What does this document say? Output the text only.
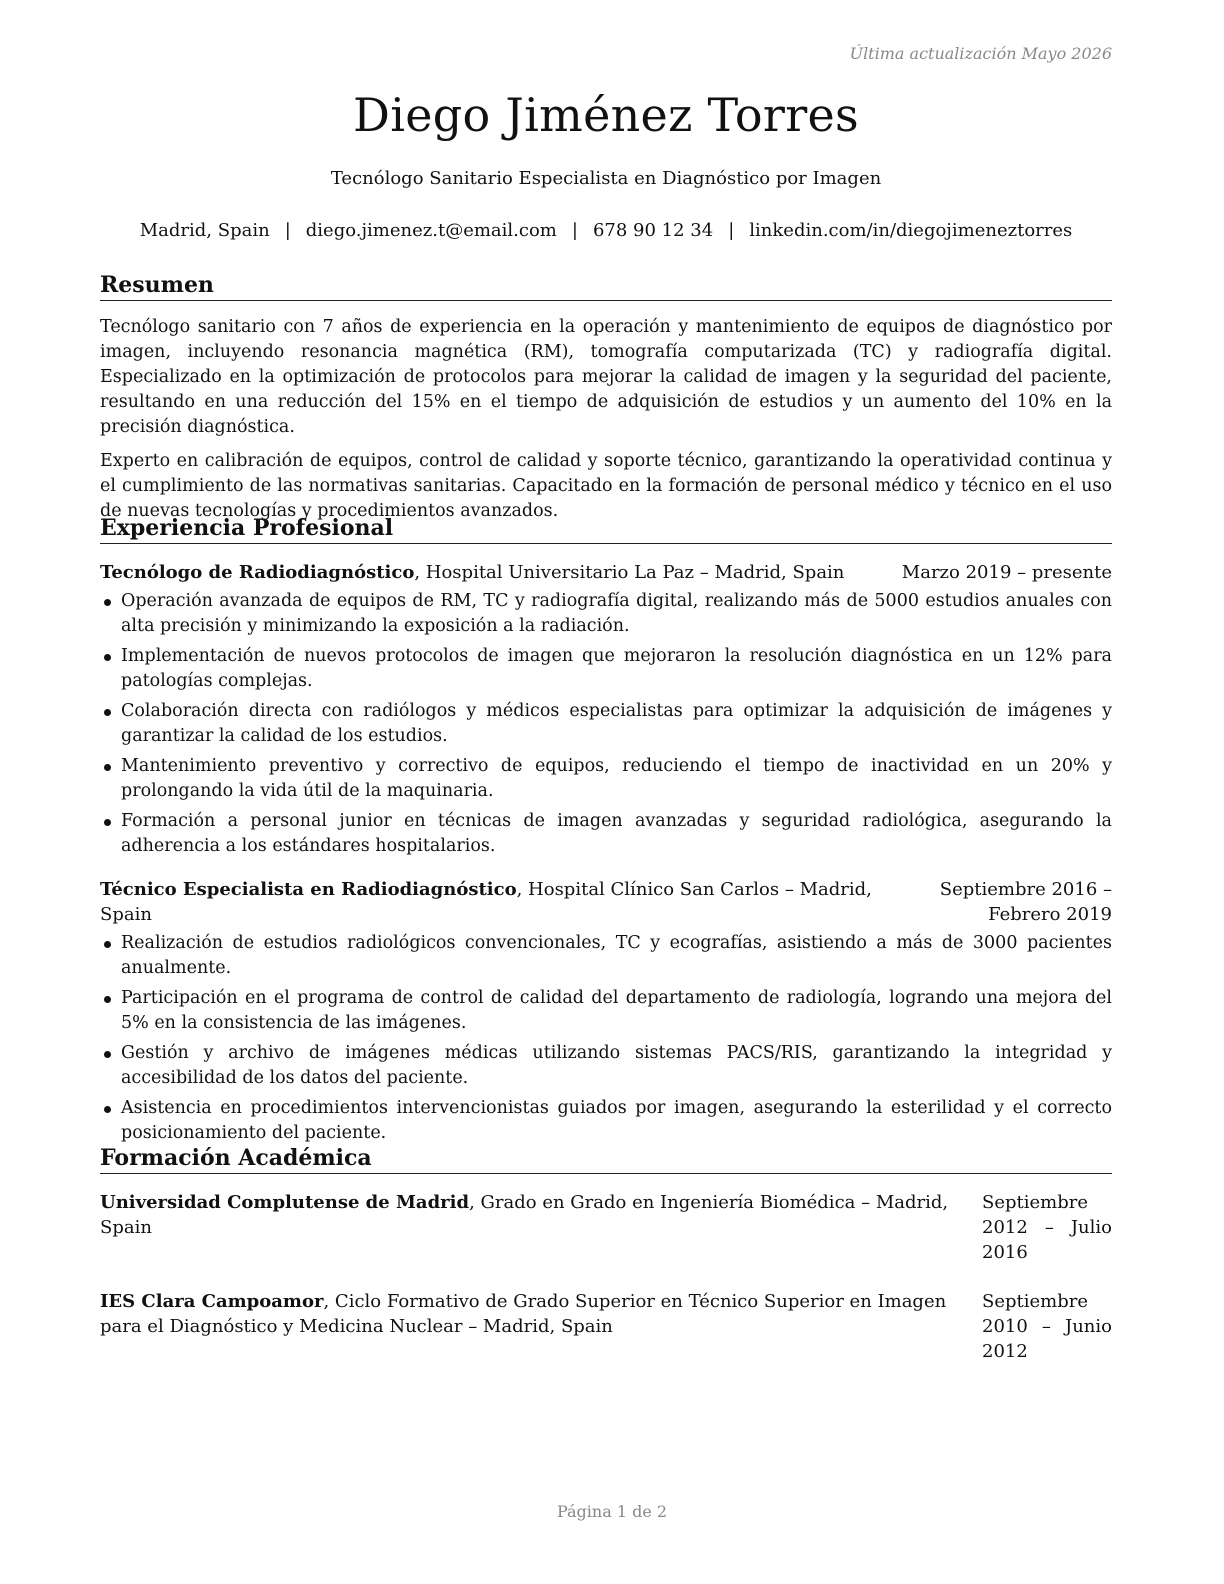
Última actualización Mayo 2026
Diego Jiménez Torres
Tecnólogo Sanitario Especialista en Diagnóstico por Imagen
Madrid, Spain | diego.jimenez.t@email.com | 678 90 12 34 | linkedin.com/in/diegojimeneztorres
Resumen

Tecnólogo sanitario con 7 años de experiencia en la operación y mantenimiento de equipos de diagnóstico por imagen, incluyendo resonancia magnética (RM), tomografía computarizada (TC) y radiografía digital. Especializado en la optimización de protocolos para mejorar la calidad de imagen y la seguridad del paciente, resultando en una reducción del 15% en el tiempo de adquisición de estudios y un aumento del 10% en la precisión diagnóstica.

Experto en calibración de equipos, control de calidad y soporte técnico, garantizando la operatividad continua y el cumplimiento de las normativas sanitarias. Capacitado en la formación de personal médico y técnico en el uso de nuevas tecnologías y procedimientos avanzados.

Experiencia Profesional
Tecnólogo de Radiodiagnóstico, Hospital Universitario La Paz – Madrid, Spain	Marzo 2019 – presente
Operación avanzada de equipos de RM, TC y radiografía digital, realizando más de 5000 estudios anuales con alta precisión y minimizando la exposición a la radiación.
Implementación de nuevos protocolos de imagen que mejoraron la resolución diagnóstica en un 12% para patologías complejas.
Colaboración directa con radiólogos y médicos especialistas para optimizar la adquisición de imágenes y garantizar la calidad de los estudios.
Mantenimiento preventivo y correctivo de equipos, reduciendo el tiempo de inactividad en un 20% y prolongando la vida útil de la maquinaria.
Formación a personal junior en técnicas de imagen avanzadas y seguridad radiológica, asegurando la adherencia a los estándares hospitalarios.
Técnico Especialista en Radiodiagnóstico, Hospital Clínico San Carlos – Madrid, Spain
Septiembre 2016 – Febrero 2019
Realización de estudios radiológicos convencionales, TC y ecografías, asistiendo a más de 3000 pacientes anualmente.
Participación en el programa de control de calidad del departamento de radiología, logrando una mejora del 5% en la consistencia de las imágenes.
Gestión y archivo de imágenes médicas utilizando sistemas PACS/RIS, garantizando la integridad y accesibilidad de los datos del paciente.
Asistencia en procedimientos intervencionistas guiados por imagen, asegurando la esterilidad y el correcto posicionamiento del paciente.
Formación Académica
Universidad Complutense de Madrid, Grado en Grado en Ingeniería Biomédica – Madrid, Spain
Septiembre 2012 – Julio 2016
IES Clara Campoamor, Ciclo Formativo de Grado Superior en Técnico Superior en Imagen para el Diagnóstico y Medicina Nuclear – Madrid, Spain
Septiembre 2010 – Junio 2012
Página 1 de 2
